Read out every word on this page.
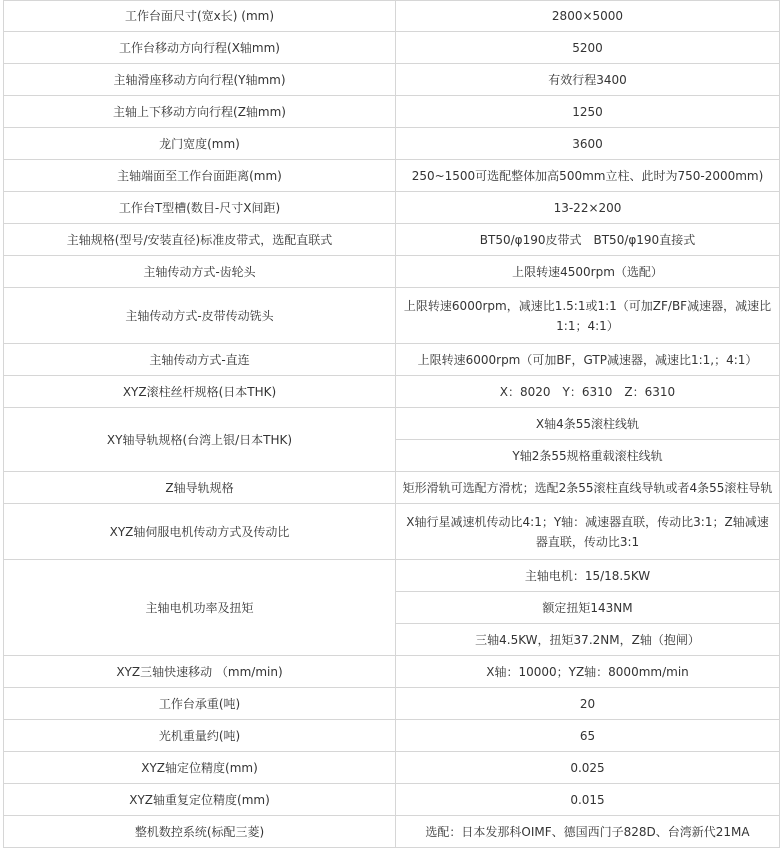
工作台面尺寸(宽x长) (mm)	2800×5000
工作台移动方向行程(X轴mm)	5200
主轴滑座移动方向行程(Y轴mm)	有效行程3400
主轴上下移动方向行程(Z轴mm)	1250
龙门宽度(mm)	3600
主轴端面至工作台面距离(mm)	250~1500可选配整体加高500mm立柱、此时为750-2000mm)
工作台T型槽(数目-尺寸X间距)	13-22×200
主轴规格(型号/安装直径)标准皮带式，选配直联式	BT50/φ190皮带式　BT50/φ190直接式
主轴传动方式-齿轮头	上限转速4500rpm（选配）
主轴传动方式-皮带传动铣头	上限转速6000rpm，减速比1.5:1或1:1（可加ZF/BF减速器，减速比1:1；4:1）
主轴传动方式-直连	上限转速6000rpm（可加BF，GTP减速器，减速比1:1,；4:1）
XYZ滚柱丝杆规格(日本THK)	X：8020　Y：6310　Z：6310
XY轴导轨规格(台湾上银/日本THK)	X轴4条55滚柱线轨
	Y轴2条55规格重载滚柱线轨
Z轴导轨规格	矩形滑轨可选配方滑枕；选配2条55滚柱直线导轨或者4条55滚柱导轨
XYZ轴伺服电机传动方式及传动比	X轴行星减速机传动比4:1；Y轴：减速器直联，传动比3:1；Z轴减速器直联，传动比3:1
主轴电机功率及扭矩	主轴电机：15/18.5KW
	额定扭矩143NM
	三轴4.5KW，扭矩37.2NM，Z轴（抱闸）
XYZ三轴快速移动 （mm/min)	X轴：10000；YZ轴：8000mm/min
工作台承重(吨)	20
光机重量约(吨)	65
XYZ轴定位精度(mm)	0.025
XYZ轴重复定位精度(mm)	0.015
整机数控系统(标配三菱)	选配：日本发那科OIMF、德国西门子828D、台湾新代21MA
